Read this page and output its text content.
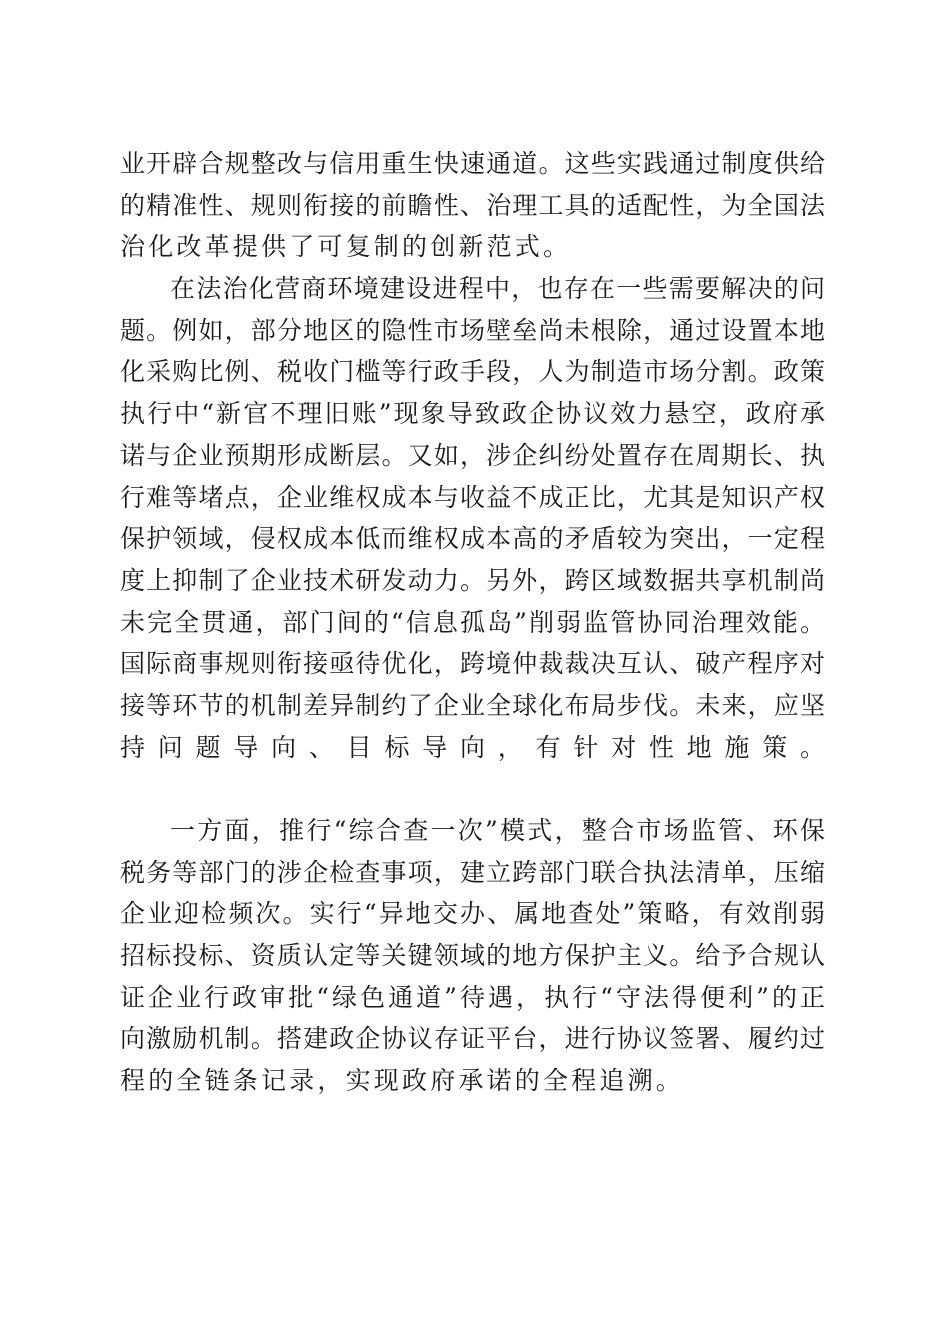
业开辟合规整改与信用重生快速通道。这些实践通过制度供给
的精准性、规则衔接的前瞻性、治理工具的适配性，为全国法
治化改革提供了可复制的创新范式。
在法治化营商环境建设进程中，也存在一些需要解决的问
题。例如，部分地区的隐性市场壁垒尚未根除，通过设置本地
化采购比例、税收门槛等行政手段，人为制造市场分割。政策
执行中“新官不理旧账”现象导致政企协议效力悬空，政府承
诺与企业预期形成断层。又如，涉企纠纷处置存在周期长、执
行难等堵点，企业维权成本与收益不成正比，尤其是知识产权
保护领域，侵权成本低而维权成本高的矛盾较为突出，一定程
度上抑制了企业技术研发动力。另外，跨区域数据共享机制尚
未完全贯通，部门间的“信息孤岛”削弱监管协同治理效能。
国际商事规则衔接亟待优化，跨境仲裁裁决互认、破产程序对
接等环节的机制差异制约了企业全球化布局步伐。未来，应坚
持问题导向、目标导向，有针对性地施策。
一方面，推行“综合查一次”模式，整合市场监管、环保
税务等部门的涉企检查事项，建立跨部门联合执法清单，压缩
企业迎检频次。实行“异地交办、属地查处”策略，有效削弱
招标投标、资质认定等关键领域的地方保护主义。给予合规认
证企业行政审批“绿色通道”待遇，执行“守法得便利”的正
向激励机制。搭建政企协议存证平台，进行协议签署、履约过
程的全链条记录，实现政府承诺的全程追溯。
